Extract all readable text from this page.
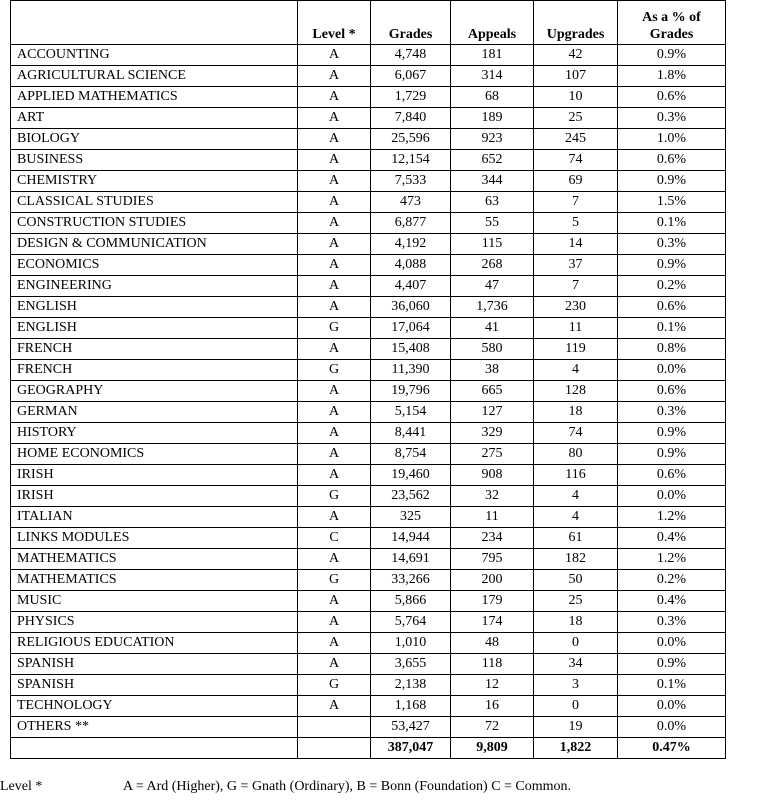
	Level *	Grades	Appeals	Upgrades	As a % of Grades
ACCOUNTING	A	4,748	181	42	0.9%
AGRICULTURAL SCIENCE	A	6,067	314	107	1.8%
APPLIED MATHEMATICS	A	1,729	68	10	0.6%
ART	A	7,840	189	25	0.3%
BIOLOGY	A	25,596	923	245	1.0%
BUSINESS	A	12,154	652	74	0.6%
CHEMISTRY	A	7,533	344	69	0.9%
CLASSICAL STUDIES	A	473	63	7	1.5%
CONSTRUCTION STUDIES	A	6,877	55	5	0.1%
DESIGN & COMMUNICATION	A	4,192	115	14	0.3%
ECONOMICS	A	4,088	268	37	0.9%
ENGINEERING	A	4,407	47	7	0.2%
ENGLISH	A	36,060	1,736	230	0.6%
ENGLISH	G	17,064	41	11	0.1%
FRENCH	A	15,408	580	119	0.8%
FRENCH	G	11,390	38	4	0.0%
GEOGRAPHY	A	19,796	665	128	0.6%
GERMAN	A	5,154	127	18	0.3%
HISTORY	A	8,441	329	74	0.9%
HOME ECONOMICS	A	8,754	275	80	0.9%
IRISH	A	19,460	908	116	0.6%
IRISH	G	23,562	32	4	0.0%
ITALIAN	A	325	11	4	1.2%
LINKS MODULES	C	14,944	234	61	0.4%
MATHEMATICS	A	14,691	795	182	1.2%
MATHEMATICS	G	33,266	200	50	0.2%
MUSIC	A	5,866	179	25	0.4%
PHYSICS	A	5,764	174	18	0.3%
RELIGIOUS EDUCATION	A	1,010	48	0	0.0%
SPANISH	A	3,655	118	34	0.9%
SPANISH	G	2,138	12	3	0.1%
TECHNOLOGY	A	1,168	16	0	0.0%
OTHERS **		53,427	72	19	0.0%
		387,047	9,809	1,822	0.47%
Level *	A = Ard (Higher), G = Gnath (Ordinary), B = Bonn (Foundation) C = Common.
